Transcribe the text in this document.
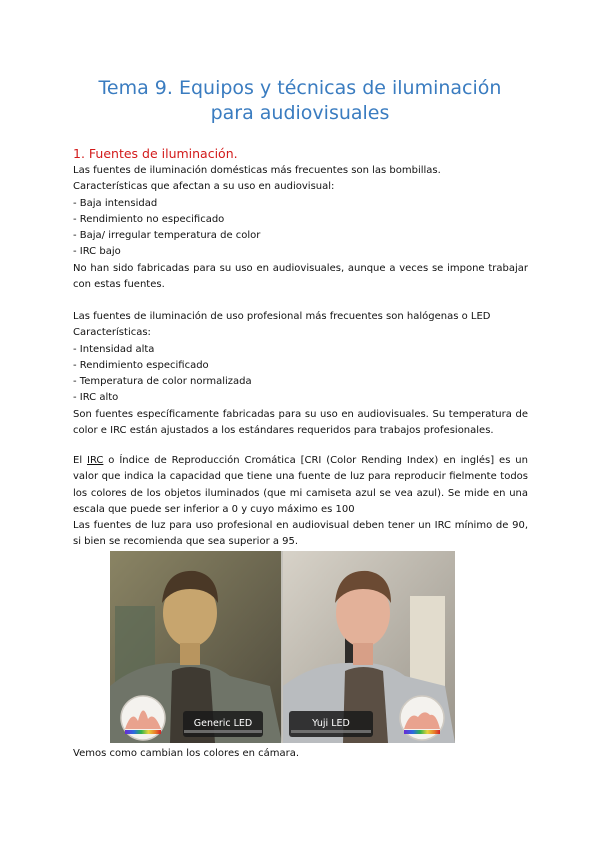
Tema 9. Equipos y técnicas de iluminación
para audiovisuales
1. Fuentes de iluminación.

Las fuentes de iluminación domésticas más frecuentes son las bombillas.

Características que afectan a su uso en audiovisual:

- Baja intensidad

- Rendimiento no especificado

- Baja/ irregular temperatura de color

- IRC bajo

No han sido fabricadas para su uso en audiovisuales, aunque a veces se impone trabajar con estas fuentes.

Las fuentes de iluminación de uso profesional más frecuentes son halógenas o LED

Características:

- Intensidad alta

- Rendimiento especificado

- Temperatura de color normalizada

- IRC alto

Son fuentes específicamente fabricadas para su uso en audiovisuales. Su temperatura de color e IRC están ajustados a los estándares requeridos para trabajos profesionales.

El IRC o Índice de Reproducción Cromática [CRI (Color Rending Index) en inglés] es un valor que indica la capacidad que tiene una fuente de luz para reproducir fielmente todos los colores de los objetos iluminados (que mi camiseta azul se vea azul). Se mide en una escala que puede ser inferior a 0 y cuyo máximo es 100

Las fuentes de luz para uso profesional en audiovisual deben tener un IRC mínimo de 90, si bien se recomienda que sea superior a 95.

Generic LED	Yuji LED
Vemos como cambian los colores en cámara.
